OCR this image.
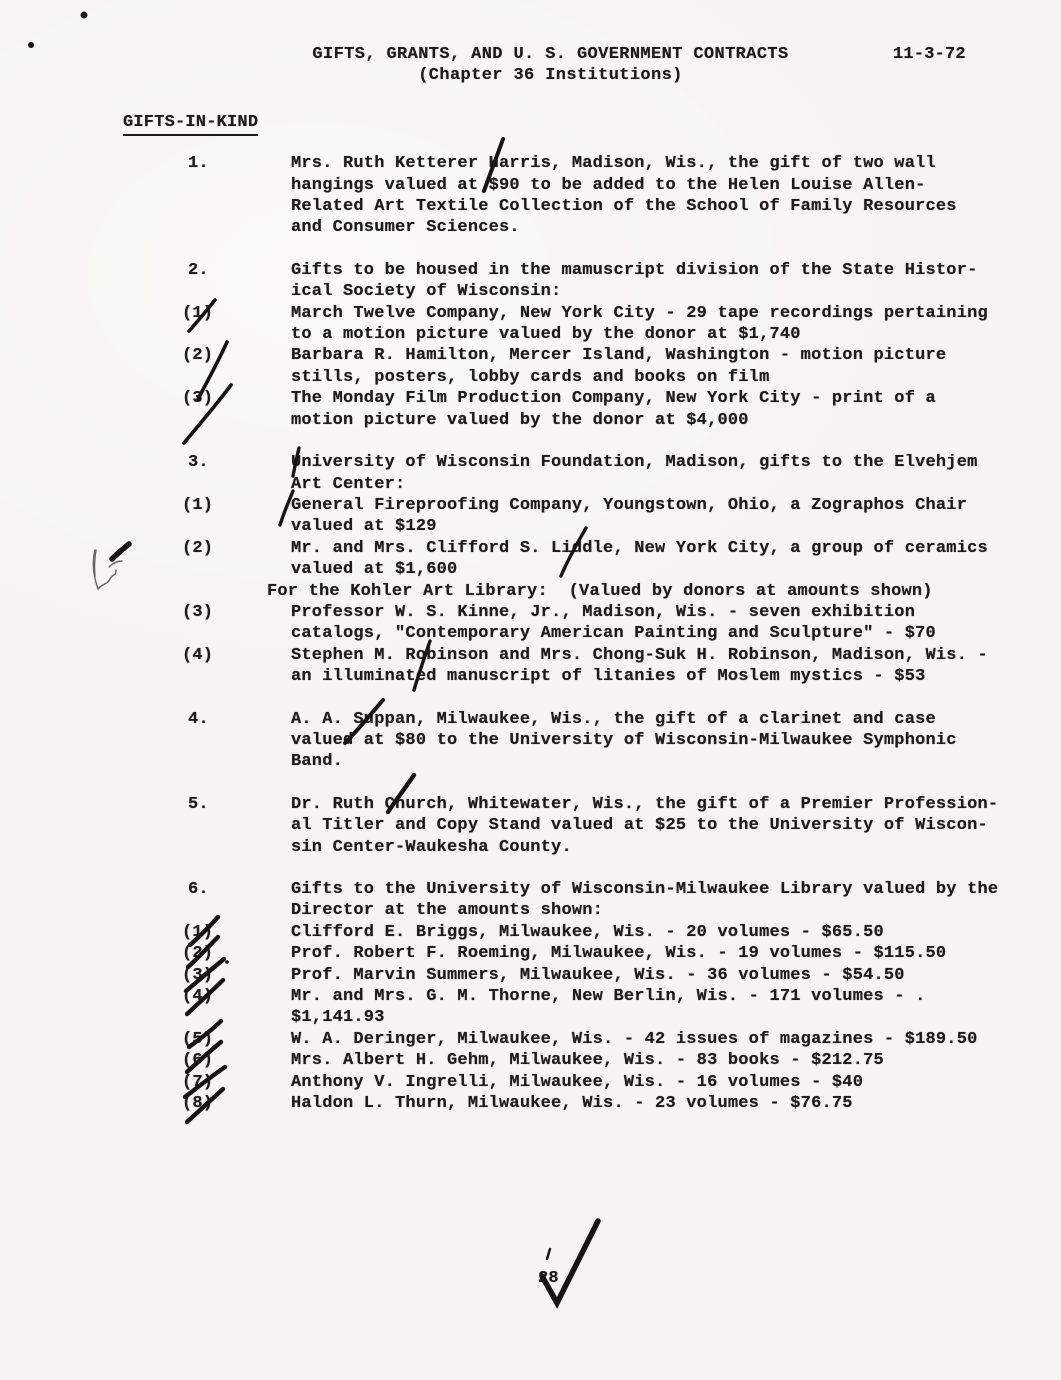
GIFTS, GRANTS, AND U. S. GOVERNMENT CONTRACTS
(Chapter 36 Institutions)
11-3-72
GIFTS-IN-KIND
1.	Mrs. Ruth Ketterer Harris, Madison, Wis., the gift of two wall
hangings valued at $90 to be added to the Helen Louise Allen-
Related Art Textile Collection of the School of Family Resources
and Consumer Sciences.
2.	Gifts to be housed in the mamuscript division of the State Histor-
ical Society of Wisconsin:
(1)	March Twelve Company, New York City - 29 tape recordings pertaining
to a motion picture valued by the donor at $1,740
(2)	Barbara R. Hamilton, Mercer Island, Washington - motion picture
stills, posters, lobby cards and books on film
(3)	The Monday Film Production Company, New York City - print of a
motion picture valued by the donor at $4,000
3.	University of Wisconsin Foundation, Madison, gifts to the Elvehjem
Art Center:
(1)	General Fireproofing Company, Youngstown, Ohio, a Zographos Chair
valued at $129
(2)	Mr. and Mrs. Clifford S. Liddle, New York City, a group of ceramics
valued at $1,600
For the Kohler Art Library:  (Valued by donors at amounts shown)
(3)	Professor W. S. Kinne, Jr., Madison, Wis. - seven exhibition
catalogs, "Contemporary American Painting and Sculpture" - $70
(4)	Stephen M. Robinson and Mrs. Chong-Suk H. Robinson, Madison, Wis. -
an illuminated manuscript of litanies of Moslem mystics - $53
4.	A. A. Suppan, Milwaukee, Wis., the gift of a clarinet and case
valued at $80 to the University of Wisconsin-Milwaukee Symphonic
Band.
5.	Dr. Ruth Church, Whitewater, Wis., the gift of a Premier Profession-
al Titler and Copy Stand valued at $25 to the University of Wiscon-
sin Center-Waukesha County.
6.	Gifts to the University of Wisconsin-Milwaukee Library valued by the
Director at the amounts shown:
(1)	Clifford E. Briggs, Milwaukee, Wis. - 20 volumes - $65.50
(2)	Prof. Robert F. Roeming, Milwaukee, Wis. - 19 volumes - $115.50
(3)	Prof. Marvin Summers, Milwaukee, Wis. - 36 volumes - $54.50
(4)	Mr. and Mrs. G. M. Thorne, New Berlin, Wis. - 171 volumes - .
$1,141.93
(5)	W. A. Deringer, Milwaukee, Wis. - 42 issues of magazines - $189.50
(6)	Mrs. Albert H. Gehm, Milwaukee, Wis. - 83 books - $212.75
(7)	Anthony V. Ingrelli, Milwaukee, Wis. - 16 volumes - $40
(8)	Haldon L. Thurn, Milwaukee, Wis. - 23 volumes - $76.75
28
